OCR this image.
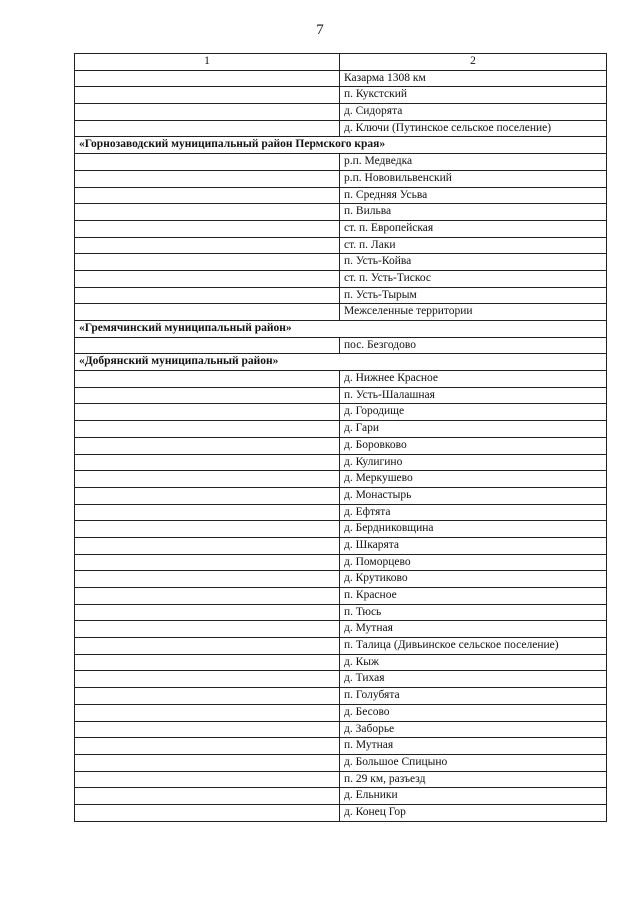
7
1	2
	Казарма 1308 км
	п. Кукстский
	д. Сидорята
	д. Ключи (Путинское сельское поселение)
«Горнозаводский муниципальный район Пермского края»	
	р.п. Медведка
	р.п. Нововильвенский
	п. Средняя Усьва
	п. Вильва
	ст. п. Европейская
	ст. п. Лаки
	п. Усть-Койва
	ст. п. Усть-Тискос
	п. Усть-Тырым
	Межселенные территории
«Гремячинский муниципальный район»	
	пос. Безгодово
«Добрянский муниципальный район»	
	д. Нижнее Красное
	п. Усть-Шалашная
	д. Городище
	д. Гари
	д. Боровково
	д. Кулигино
	д. Меркушево
	д. Монастырь
	д. Ефтята
	д. Бердниковщина
	д. Шкарята
	д. Поморцево
	д. Крутиково
	п. Красное
	п. Тюсь
	д. Мутная
	п. Талица (Дивьинское сельское поселение)
	д. Кыж
	д. Тихая
	п. Голубята
	д. Бесово
	д. Заборье
	п. Мутная
	д. Большое Спицыно
	п. 29 км, разъезд
	д. Ельники
	д. Конец Гор
